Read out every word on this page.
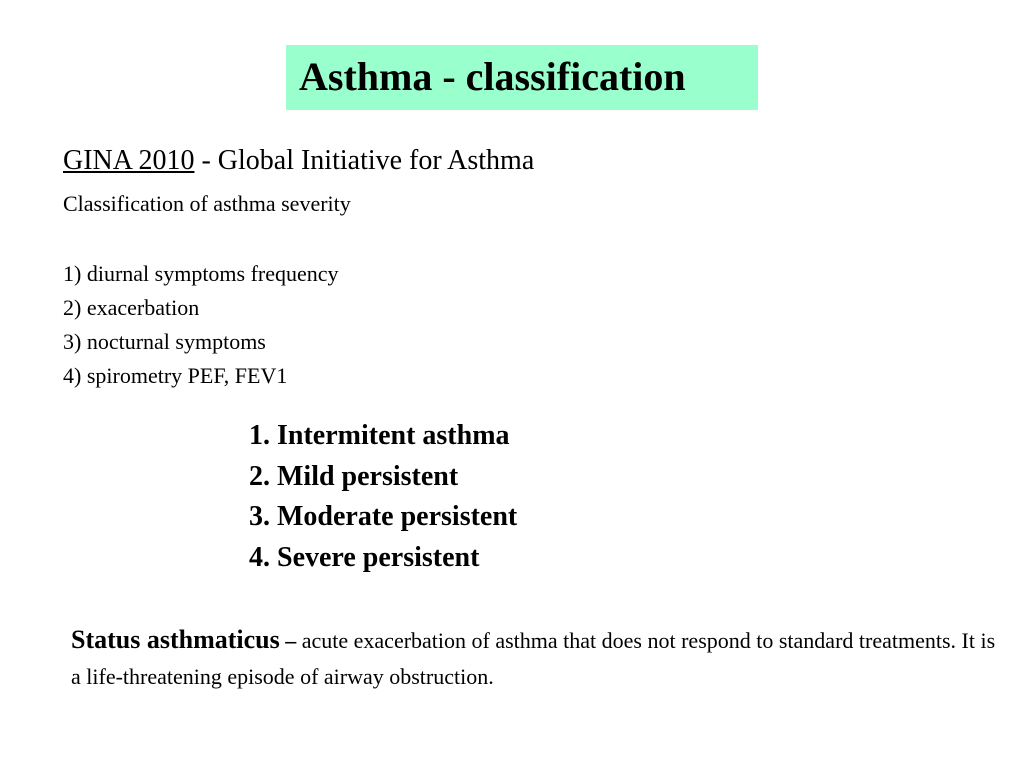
Asthma - classification
GINA 2010 - Global Initiative for Asthma
Classification of asthma severity
1) diurnal symptoms frequency
2) exacerbation
3) nocturnal symptoms
4) spirometry PEF, FEV1
1. Intermitent asthma
2. Mild persistent
3. Moderate persistent
4. Severe persistent

Status asthmaticus – acute exacerbation of asthma that does not respond to standard treatments. It is a life-threatening episode of airway obstruction.
